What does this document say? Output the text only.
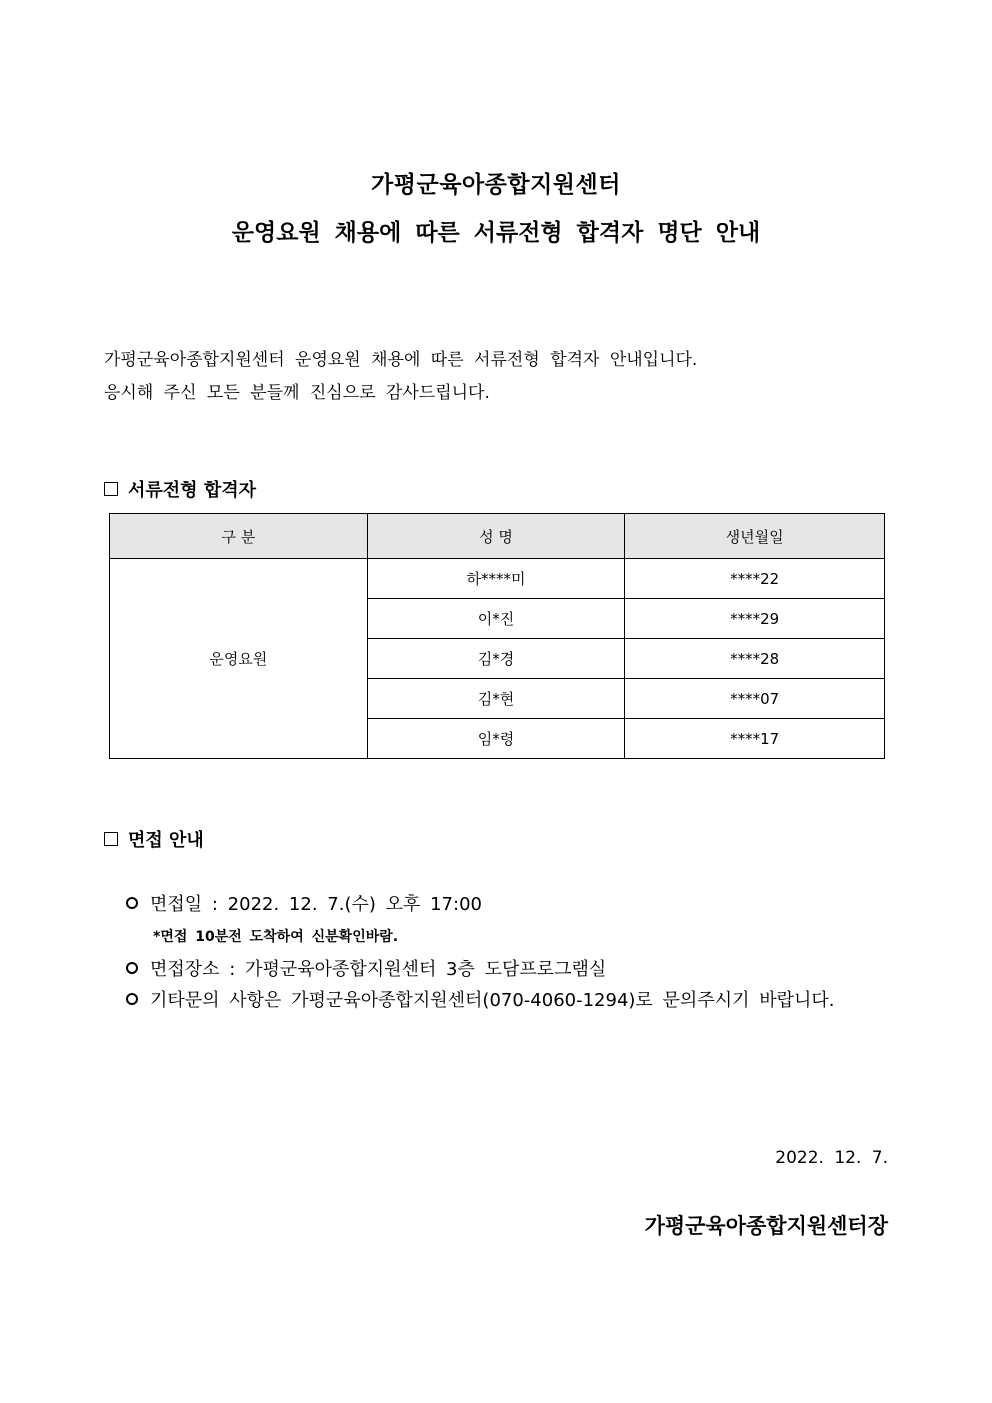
가평군육아종합지원센터
운영요원 채용에 따른 서류전형 합격자 명단 안내
가평군육아종합지원센터 운영요원 채용에 따른 서류전형 합격자 안내입니다.
응시해 주신 모든 분들께 진심으로 감사드립니다.
서류전형 합격자
구 분	성 명	생년월일
운영요원	하****미	****22
	이*진	****29
	김*경	****28
	김*현	****07
	임*령	****17
면접 안내
면접일 : 2022. 12. 7.(수) 오후 17:00
*면접 10분전 도착하여 신분확인바람.
면접장소 : 가평군육아종합지원센터 3층 도담프로그램실
기타문의 사항은 가평군육아종합지원센터(070-4060-1294)로 문의주시기 바랍니다.
2022. 12. 7.
가평군육아종합지원센터장
